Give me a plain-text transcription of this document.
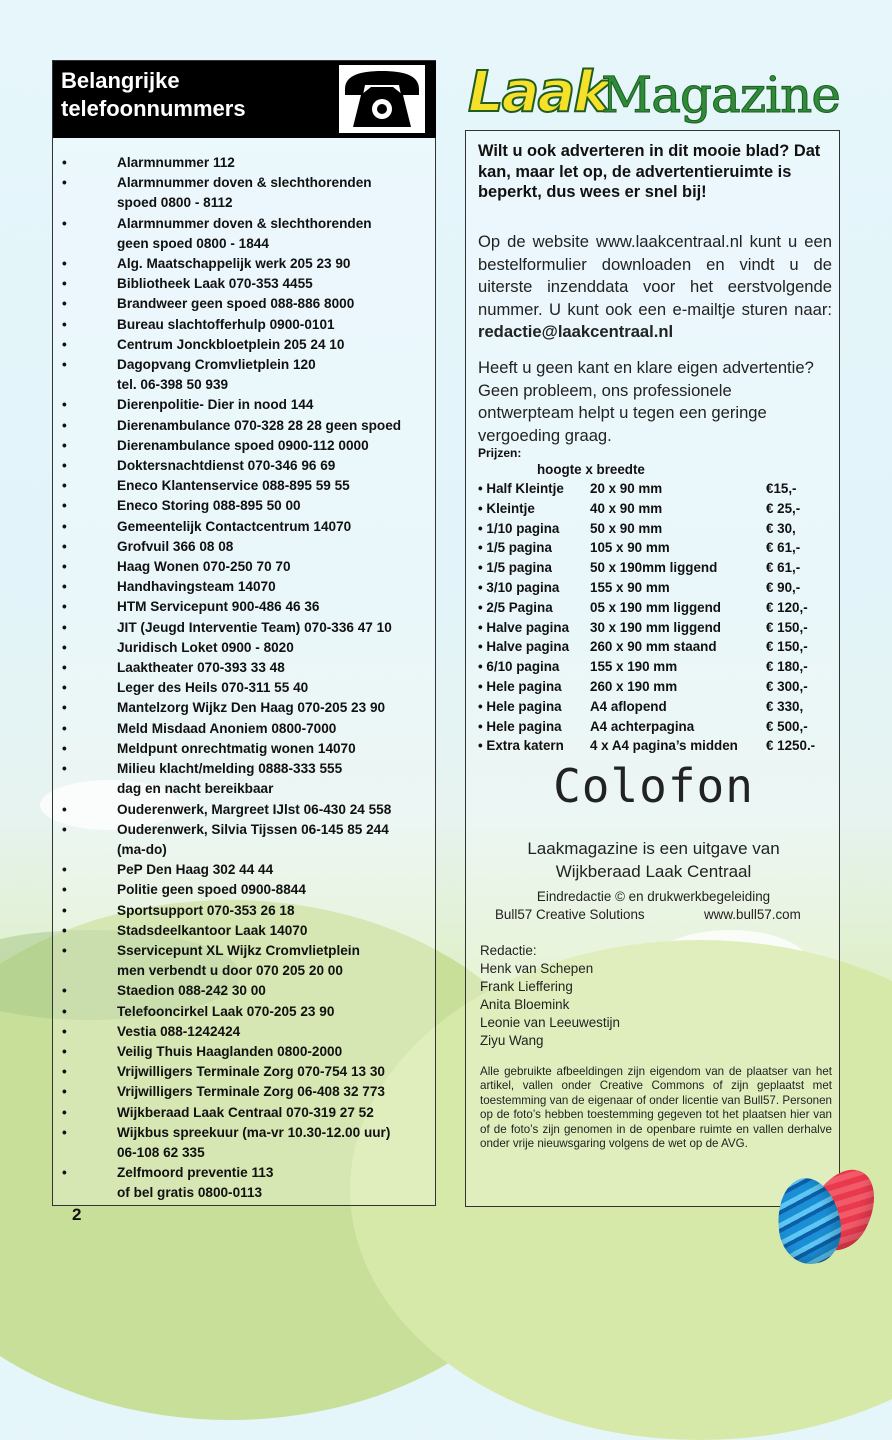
Belangrijke telefoonnummers
•	Alarmnummer 112
•	Alarmnummer doven & slechthorenden
spoed 0800 - 8112
•	Alarmnummer doven & slechthorenden
geen spoed 0800 - 1844
•	Alg. Maatschappelijk werk 205 23 90
•	Bibliotheek Laak 070-353 4455
•	Brandweer geen spoed 088-886 8000
•	Bureau slachtofferhulp 0900-0101
•	Centrum Jonckbloetplein 205 24 10
•	Dagopvang Cromvlietplein 120
tel. 06-398 50 939
•	Dierenpolitie- Dier in nood 144
•	Dierenambulance 070-328 28 28 geen spoed
•	Dierenambulance spoed 0900-112 0000
•	Doktersnachtdienst 070-346 96 69
•	Eneco Klantenservice 088-895 59 55
•	Eneco Storing 088-895 50 00
•	Gemeentelijk Contactcentrum 14070
•	Grofvuil 366 08 08
•	Haag Wonen 070-250 70 70
•	Handhavingsteam 14070
•	HTM Servicepunt 900-486 46 36
•	JIT (Jeugd Interventie Team) 070-336 47 10
•	Juridisch Loket 0900 - 8020
•	Laaktheater 070-393 33 48
•	Leger des Heils 070-311 55 40
•	Mantelzorg Wijkz Den Haag 070-205 23 90
•	Meld Misdaad Anoniem 0800-7000
•	Meldpunt onrechtmatig wonen 14070
•	Milieu klacht/melding 0888-333 555
dag en nacht bereikbaar
•	Ouderenwerk, Margreet IJlst 06-430 24 558
•	Ouderenwerk, Silvia Tijssen 06-145 85 244
(ma-do)
•	PeP Den Haag 302 44 44
•	Politie geen spoed 0900-8844
•	Sportsupport 070-353 26 18
•	Stadsdeelkantoor Laak 14070
•	Sservicepunt XL Wijkz Cromvlietplein
men verbendt u door 070 205 20 00
•	Staedion 088-242 30 00
•	Telefooncirkel Laak 070-205 23 90
•	Vestia 088-1242424
•	Veilig Thuis Haaglanden 0800-2000
•	Vrijwilligers Terminale Zorg 070-754 13 30
•	Vrijwilligers Terminale Zorg 06-408 32 773
•	Wijkberaad Laak Centraal 070-319 27 52
•	Wijkbus spreekuur (ma-vr 10.30-12.00 uur)
06-108 62 335
•	Zelfmoord preventie 113
of bel gratis 0800-0113
2
Laak
Magazine
Wilt u ook adverteren in dit mooie blad? Dat kan, maar let op, de advertentieruimte is beperkt, dus wees er snel bij!
Op de website www.laakcentraal.nl kunt u een bestelformulier downloaden en vindt u de uiterste inzenddata voor het eerstvolgende nummer. U kunt ook een e-mailtje sturen naar: redactie@laakcentraal.nl
Heeft u geen kant en klare eigen advertentie? Geen probleem, ons professionele ontwerpteam helpt u tegen een geringe vergoeding graag.
Prijzen:
hoogte x breedte
• Half Kleintje 20 x 90 mm	€15,-
• Kleintje	40 x 90 mm	€ 25,-
• 1/10 pagina 50 x 90 mm	€ 30,
• 1/5 pagina	105 x 90 mm	€ 61,-
• 1/5 pagina	50 x 190mm liggend	€ 61,-
• 3/10 pagina 155 x 90 mm	€ 90,-
• 2/5 Pagina	05 x 190 mm liggend	€ 120,-
• Halve pagina 30 x 190 mm liggend	€ 150,-
• Halve pagina 260 x 90 mm staand	€ 150,-
• 6/10 pagina 155 x 190 mm	€ 180,-
• Hele pagina 260 x 190 mm	€ 300,-
• Hele pagina A4 aflopend	€ 330,
• Hele pagina A4 achterpagina	€ 500,-
• Extra katern 4 x A4 pagina’s midden € 1250.-
Colofon
Laakmagazine is een uitgave van
Wijkberaad Laak Centraal
Eindredactie © en drukwerkbegeleiding
Bull57 Creative Solutions	www.bull57.com
Redactie:
Henk van Schepen
Frank Lieffering
Anita Bloemink
Leonie van Leeuwestijn
Ziyu Wang
Alle gebruikte afbeeldingen zijn eigendom van de plaatser van het artikel, vallen onder Creative Commons of zijn geplaatst met toestemming van de eigenaar of onder licentie van Bull57. Personen op de foto’s hebben toestemming gegeven tot het plaatsen hier van of de foto’s zijn genomen in de openbare ruimte en vallen derhalve onder vrije nieuwsgaring volgens de wet op de AVG.
